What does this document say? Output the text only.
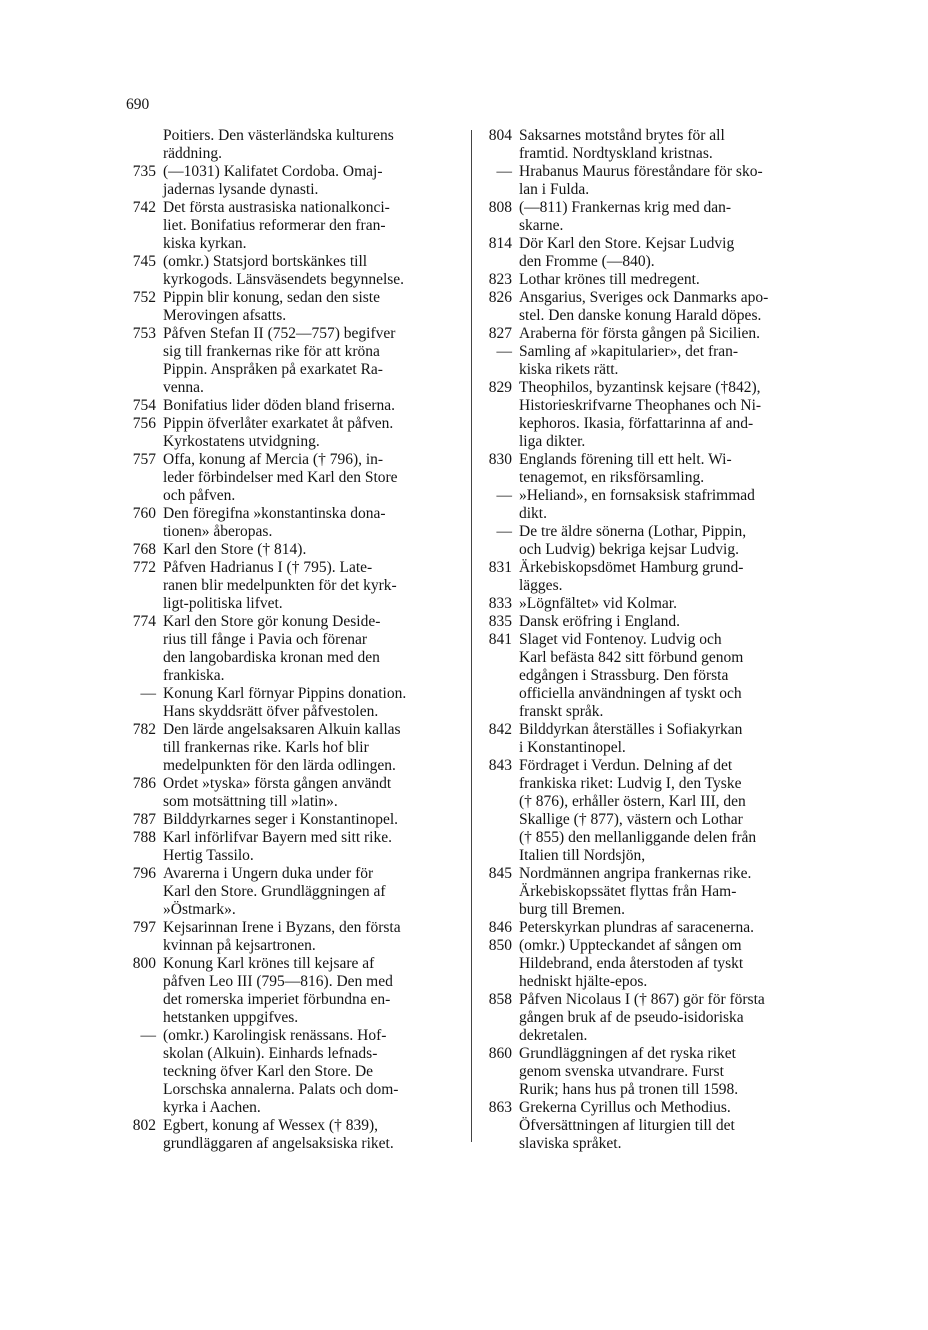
690
Poitiers. Den västerländska kulturens
räddning.
735 (—1031) Kalifatet Cordoba. Omaj-
jadernas lysande dynasti.
742 Det första austrasiska nationalkonci-
liet. Bonifatius reformerar den fran-
kiska kyrkan.
745 (omkr.) Statsjord bortskänkes till
kyrkogods. Länsväsendets begynnelse.
752 Pippin blir konung, sedan den siste
Merovingen afsatts.
753 Påfven Stefan II (752—757) begifver
sig till frankernas rike för att kröna
Pippin. Anspråken på exarkatet Ra-
venna.
754 Bonifatius lider döden bland friserna.
756 Pippin öfverlåter exarkatet åt påfven.
Kyrkostatens utvidgning.
757 Offa, konung af Mercia († 796), in-
leder förbindelser med Karl den Store
och påfven.
760 Den föregifna »konstantinska dona-
tionen» åberopas.
768 Karl den Store († 814).
772 Påfven Hadrianus I († 795). Late-
ranen blir medelpunkten för det kyrk-
ligt-politiska lifvet.
774 Karl den Store gör konung Deside-
rius till fånge i Pavia och förenar
den langobardiska kronan med den
frankiska.
— Konung Karl förnyar Pippins donation.
Hans skyddsrätt öfver påfvestolen.
782 Den lärde angelsaksaren Alkuin kallas
till frankernas rike. Karls hof blir
medelpunkten för den lärda odlingen.
786 Ordet »tyska» första gången användt
som motsättning till »latin».
787 Bilddyrkarnes seger i Konstantinopel.
788 Karl införlifvar Bayern med sitt rike.
Hertig Tassilo.
796 Avarerna i Ungern duka under för
Karl den Store. Grundläggningen af
»Östmark».
797 Kejsarinnan Irene i Byzans, den första
kvinnan på kejsartronen.
800 Konung Karl krönes till kejsare af
påfven Leo III (795—816). Den med
det romerska imperiet förbundna en-
hetstanken uppgifves.
— (omkr.) Karolingisk renässans. Hof-
skolan (Alkuin). Einhards lefnads-
teckning öfver Karl den Store. De
Lorschska annalerna. Palats och dom-
kyrka i Aachen.
802 Egbert, konung af Wessex († 839),
grundläggaren af angelsaksiska riket.
804 Saksarnes motstånd brytes för all
framtid. Nordtyskland kristnas.
— Hrabanus Maurus föreståndare för sko-
lan i Fulda.
808 (—811) Frankernas krig med dan-
skarne.
814 Dör Karl den Store. Kejsar Ludvig
den Fromme (—840).
823 Lothar krönes till medregent.
826 Ansgarius, Sveriges ock Danmarks apo-
stel. Den danske konung Harald döpes.
827 Araberna för första gången på Sicilien.
— Samling af »kapitularier», det fran-
kiska rikets rätt.
829 Theophilos, byzantinsk kejsare (†842),
Historieskrifvarne Theophanes och Ni-
kephoros. Ikasia, författarinna af and-
liga dikter.
830 Englands förening till ett helt. Wi-
tenagemot, en riksförsamling.
— »Heliand», en fornsaksisk stafrimmad
dikt.
— De tre äldre sönerna (Lothar, Pippin,
och Ludvig) bekriga kejsar Ludvig.
831 Ärkebiskopsdömet Hamburg grund-
lägges.
833 »Lögnfältet» vid Kolmar.
835 Dansk eröfring i England.
841 Slaget vid Fontenoy. Ludvig och
Karl befästa 842 sitt förbund genom
edgången i Strassburg. Den första
officiella användningen af tyskt och
franskt språk.
842 Bilddyrkan återställes i Sofiakyrkan
i Konstantinopel.
843 Fördraget i Verdun. Delning af det
frankiska riket: Ludvig I, den Tyske
(† 876), erhåller östern, Karl III, den
Skallige († 877), västern och Lothar
(† 855) den mellanliggande delen från
Italien till Nordsjön,
845 Nordmännen angripa frankernas rike.
Ärkebiskopssätet flyttas från Ham-
burg till Bremen.
846 Peterskyrkan plundras af saracenerna.
850 (omkr.) Uppteckandet af sången om
Hildebrand, enda återstoden af tyskt
hedniskt hjälte-epos.
858 Påfven Nicolaus I († 867) gör för första
gången bruk af de pseudo-isidoriska
dekretalen.
860 Grundläggningen af det ryska riket
genom svenska utvandrare. Furst
Rurik; hans hus på tronen till 1598.
863 Grekerna Cyrillus och Methodius.
Öfversättningen af liturgien till det
slaviska språket.
